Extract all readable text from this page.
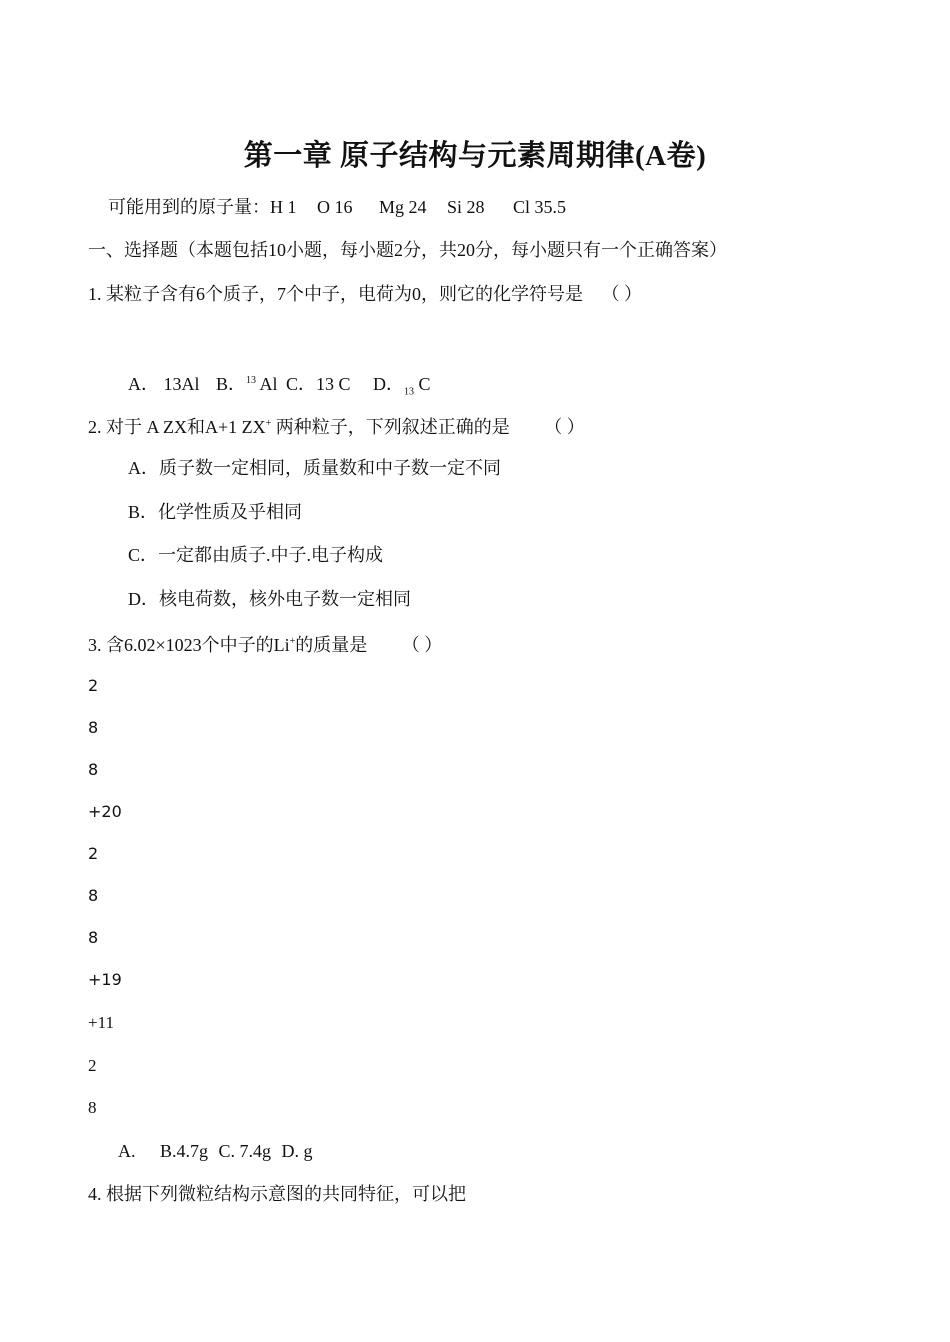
第一章 原子结构与元素周期律(A卷)
可能用到的原子量：H 1 O 16 Mg 24 Si 28 Cl 35.5
一、选择题（本题包括10小题，每小题2分，共20分，每小题只有一个正确答案）
1. 某粒子含有6个质子，7个中子，电荷为0，则它的化学符号是 （ ）
A． 13Al B．$^{13}$ Al C．13 C D．$_{13}$ C
2. 对于 A ZX和A+1 ZX+ 两种粒子，下列叙述正确的是 （ ）
A．质子数一定相同，质量数和中子数一定不同
B．化学性质及乎相同
C．一定都由质子.中子.电子构成
D．核电荷数，核外电子数一定相同
3. 含6.02×1023个中子的Li+的质量是 （ ）
2
8
8
+20
2
8
8
+19
+11
2
8
A. B.4.7g C. 7.4g D. g
4. 根据下列微粒结构示意图的共同特征，可以把
